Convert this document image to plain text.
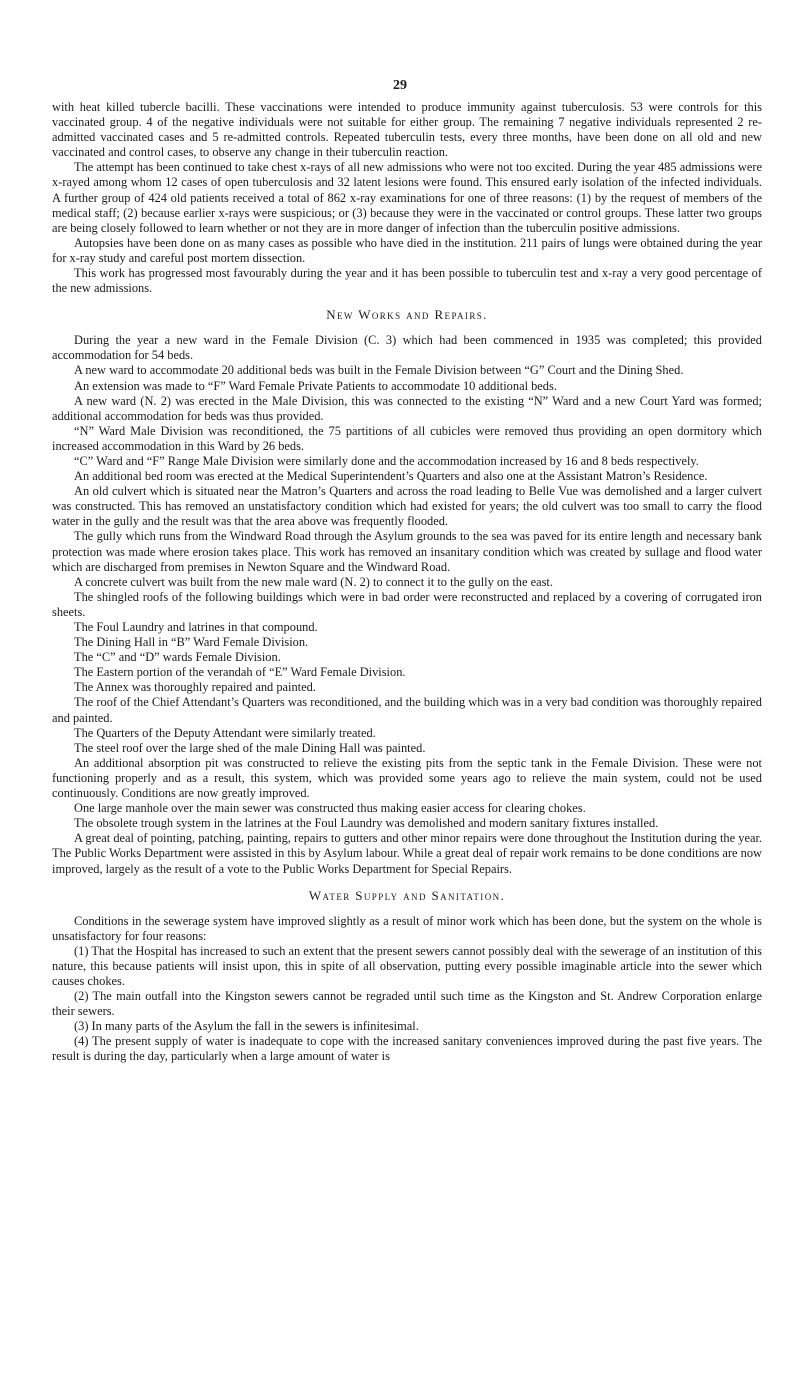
29

with heat killed tubercle bacilli. These vaccinations were intended to produce immunity against tuberculosis. 53 were controls for this vaccinated group. 4 of the negative individuals were not suitable for either group. The remaining 7 negative individuals represented 2 re-admitted vaccinated cases and 5 re-admitted controls. Repeated tuberculin tests, every three months, have been done on all old and new vaccinated and control cases, to observe any change in their tuberculin reaction.

The attempt has been continued to take chest x-rays of all new admissions who were not too excited. During the year 485 admissions were x-rayed among whom 12 cases of open tuberculosis and 32 latent lesions were found. This ensured early isolation of the infected individuals. A further group of 424 old patients received a total of 862 x-ray examinations for one of three reasons: (1) by the request of members of the medical staff; (2) because earlier x-rays were suspicious; or (3) because they were in the vaccinated or control groups. These latter two groups are being closely followed to learn whether or not they are in more danger of infection than the tuberculin positive admissions.

Autopsies have been done on as many cases as possible who have died in the institution. 211 pairs of lungs were obtained during the year for x-ray study and careful post mortem dissection.

This work has progressed most favourably during the year and it has been possible to tuberculin test and x-ray a very good percentage of the new admissions.

New Works and Repairs.

During the year a new ward in the Female Division (C. 3) which had been commenced in 1935 was completed; this provided accommodation for 54 beds.

A new ward to accommodate 20 additional beds was built in the Female Division between “G” Court and the Dining Shed.

An extension was made to “F” Ward Female Private Patients to accommodate 10 additional beds.

A new ward (N. 2) was erected in the Male Division, this was connected to the existing “N” Ward and a new Court Yard was formed; additional accommodation for beds was thus provided.

“N” Ward Male Division was reconditioned, the 75 partitions of all cubicles were removed thus providing an open dormitory which increased accommodation in this Ward by 26 beds.

“C” Ward and “F” Range Male Division were similarly done and the accommodation increased by 16 and 8 beds respectively.

An additional bed room was erected at the Medical Superintendent’s Quarters and also one at the Assistant Matron’s Residence.

An old culvert which is situated near the Matron’s Quarters and across the road leading to Belle Vue was demolished and a larger culvert was constructed. This has removed an unstatisfactory condition which had existed for years; the old culvert was too small to carry the flood water in the gully and the result was that the area above was frequently flooded.

The gully which runs from the Windward Road through the Asylum grounds to the sea was paved for its entire length and necessary bank protection was made where erosion takes place. This work has removed an insanitary condition which was created by sullage and flood water which are discharged from premises in Newton Square and the Windward Road.

A concrete culvert was built from the new male ward (N. 2) to connect it to the gully on the east.

The shingled roofs of the following buildings which were in bad order were reconstructed and replaced by a covering of corrugated iron sheets.

The Foul Laundry and latrines in that compound.

The Dining Hall in “B” Ward Female Division.

The “C” and “D” wards Female Division.

The Eastern portion of the verandah of “E” Ward Female Division.

The Annex was thoroughly repaired and painted.

The roof of the Chief Attendant’s Quarters was reconditioned, and the building which was in a very bad condition was thoroughly repaired and painted.

The Quarters of the Deputy Attendant were similarly treated.

The steel roof over the large shed of the male Dining Hall was painted.

An additional absorption pit was constructed to relieve the existing pits from the septic tank in the Female Division. These were not functioning properly and as a result, this system, which was provided some years ago to relieve the main system, could not be used continuously. Conditions are now greatly improved.

One large manhole over the main sewer was constructed thus making easier access for clearing chokes.

The obsolete trough system in the latrines at the Foul Laundry was demolished and modern sanitary fixtures installed.

A great deal of pointing, patching, painting, repairs to gutters and other minor repairs were done throughout the Institution during the year. The Public Works Department were assisted in this by Asylum labour. While a great deal of repair work remains to be done conditions are now improved, largely as the result of a vote to the Public Works Department for Special Repairs.

Water Supply and Sanitation.

Conditions in the sewerage system have improved slightly as a result of minor work which has been done, but the system on the whole is unsatisfactory for four reasons:

(1) That the Hospital has increased to such an extent that the present sewers cannot possibly deal with the sewerage of an institution of this nature, this because patients will insist upon, this in spite of all observation, putting every possible imaginable article into the sewer which causes chokes.

(2) The main outfall into the Kingston sewers cannot be regraded until such time as the Kingston and St. Andrew Corporation enlarge their sewers.

(3) In many parts of the Asylum the fall in the sewers is infinitesimal.

(4) The present supply of water is inadequate to cope with the increased sanitary conveniences improved during the past five years. The result is during the day, particularly when a large amount of water is
